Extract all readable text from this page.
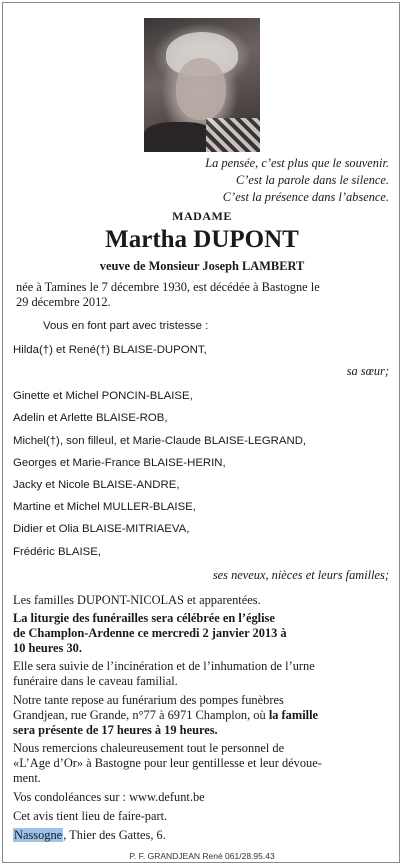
La pensée, c’est plus que le souvenir.
C’est la parole dans le silence.
C’est la présence dans l’absence.
MADAME
Martha DUPONT
veuve de Monsieur Joseph LAMBERT
née à Tamines le 7 décembre 1930, est décédée à Bastogne le
29 décembre 2012.
Vous en font part avec tristesse :
Hilda(†) et René(†) BLAISE-DUPONT,
sa sœur;
Ginette et Michel PONCIN-BLAISE,
Adelin et Arlette BLAISE-ROB,
Michel(†), son filleul, et Marie-Claude BLAISE-LEGRAND,
Georges et Marie-France BLAISE-HERIN,
Jacky et Nicole BLAISE-ANDRE,
Martine et Michel MULLER-BLAISE,
Didier et Olia BLAISE-MITRIAEVA,
Frédéric BLAISE,
ses neveux, nièces et leurs familles;
Les familles DUPONT-NICOLAS et apparentées.
La liturgie des funérailles sera célébrée en l’église
de Champlon-Ardenne ce mercredi 2 janvier 2013 à
10 heures 30.
Elle sera suivie de l’incinération et de l’inhumation de l’urne
funéraire dans le caveau familial.
Notre tante repose au funérarium des pompes funèbres
Grandjean, rue Grande, n°77 à 6971 Champlon, où la famille
sera présente de 17 heures à 19 heures.
Nous remercions chaleureusement tout le personnel de
«L’Age d’Or» à Bastogne pour leur gentillesse et leur dévoue-
ment.
Vos condoléances sur : www.defunt.be
Cet avis tient lieu de faire-part.
Nassogne, Thier des Gattes, 6.
P. F. GRANDJEAN René 061/28.95.43
